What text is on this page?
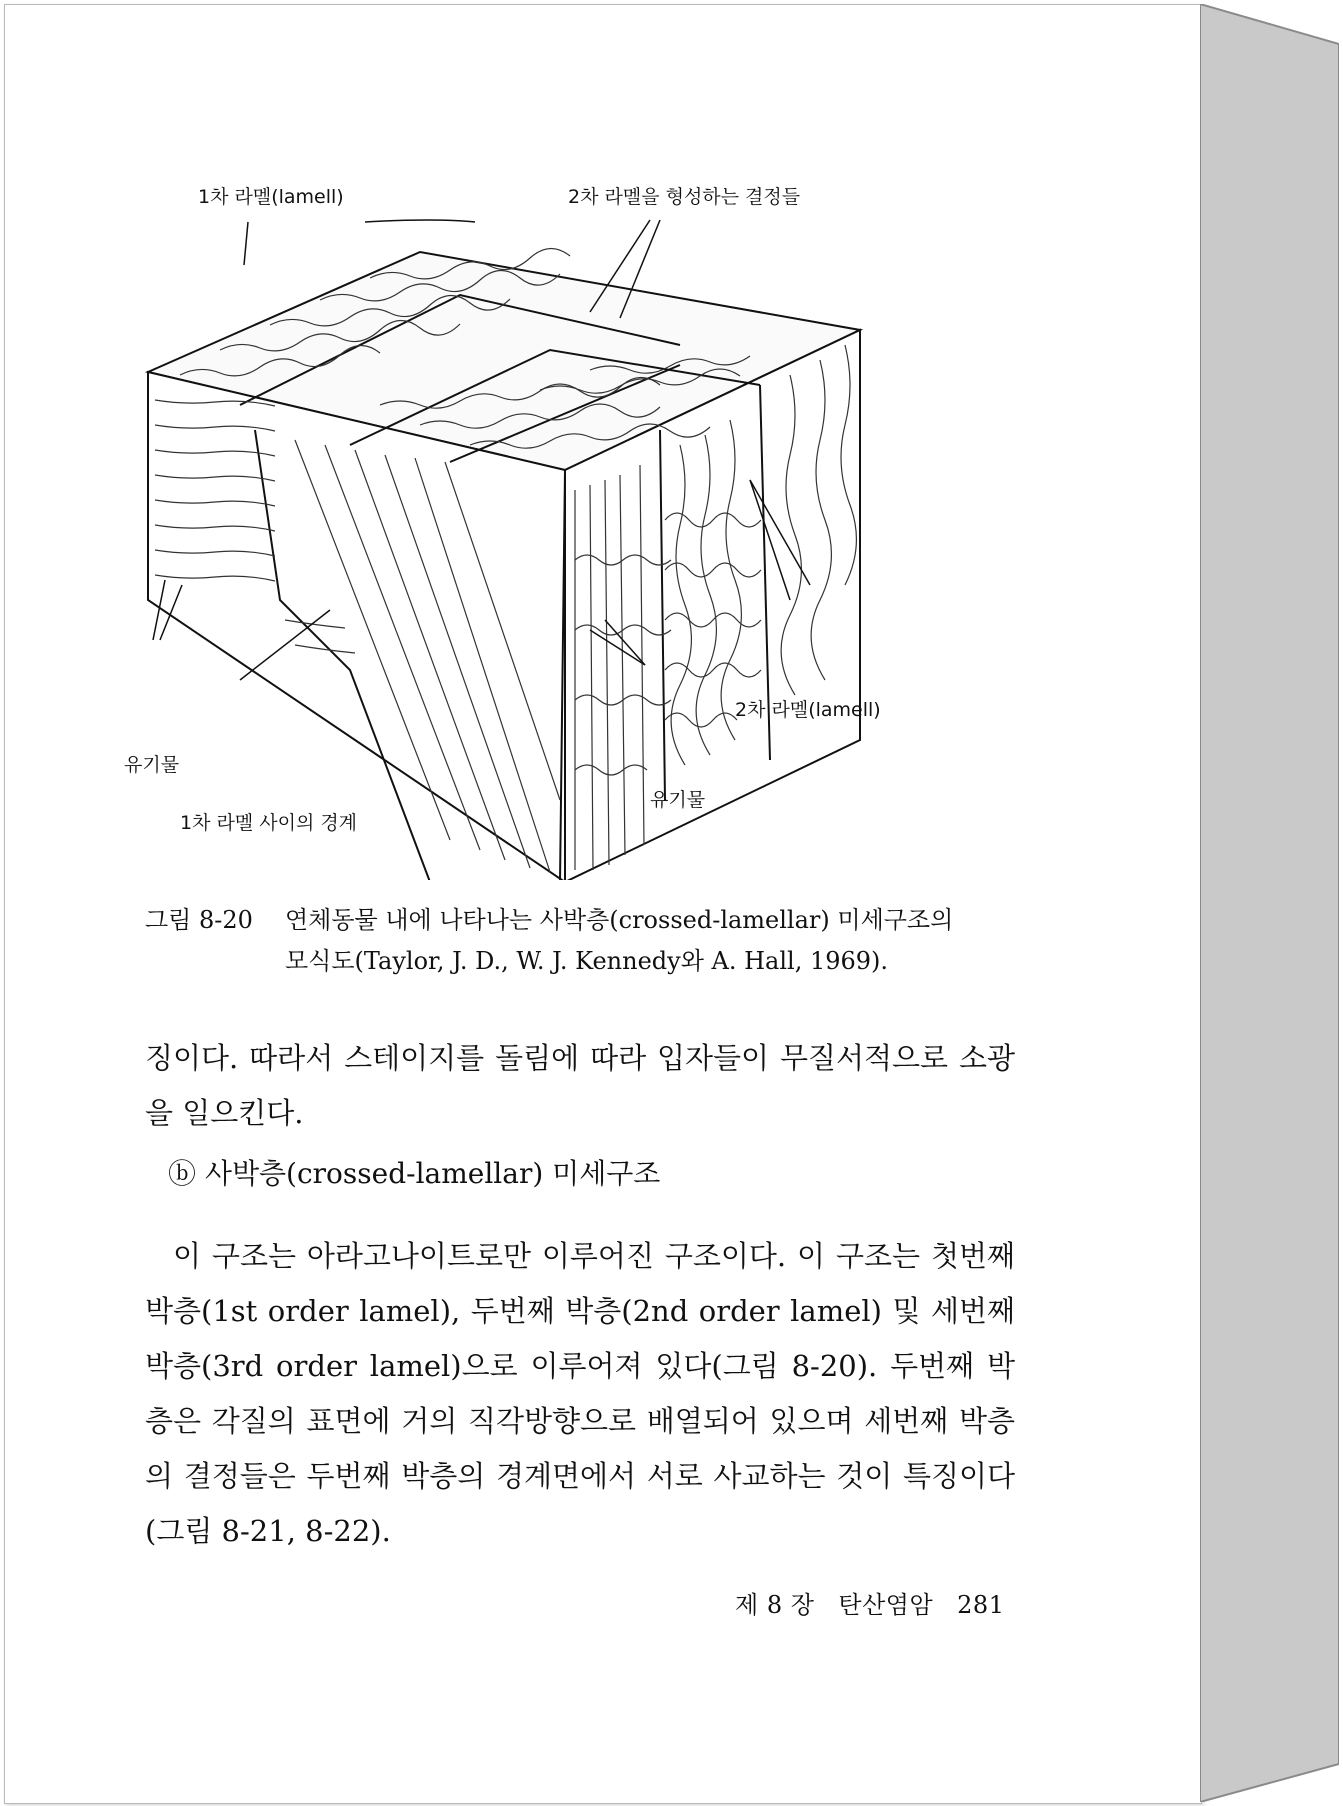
1차 라멜(lamell)	2차 라멜을 형성하는 결정들
2차 라멜(lamell)
유기물
유기물
1차 라멜 사이의 경계
그림 8-20 연체동물 내에 나타나는 사박층(crossed-lamellar) 미세구조의
모식도(Taylor, J. D., W. J. Kennedy와 A. Hall, 1969).

징이다. 따라서 스테이지를 돌림에 따라 입자들이 무질서적으로 소광을 일으킨다.

ⓑ 사박층(crossed-lamellar) 미세구조

이 구조는 아라고나이트로만 이루어진 구조이다. 이 구조는 첫번째 박층(1st order lamel), 두번째 박층(2nd order lamel) 및 세번째 박층(3rd order lamel)으로 이루어져 있다(그림 8-20). 두번째 박층은 각질의 표면에 거의 직각방향으로 배열되어 있으며 세번째 박층의 결정들은 두번째 박층의 경계면에서 서로 사교하는 것이 특징이다(그림 8-21, 8-22).

제 8 장 탄산염암 281
